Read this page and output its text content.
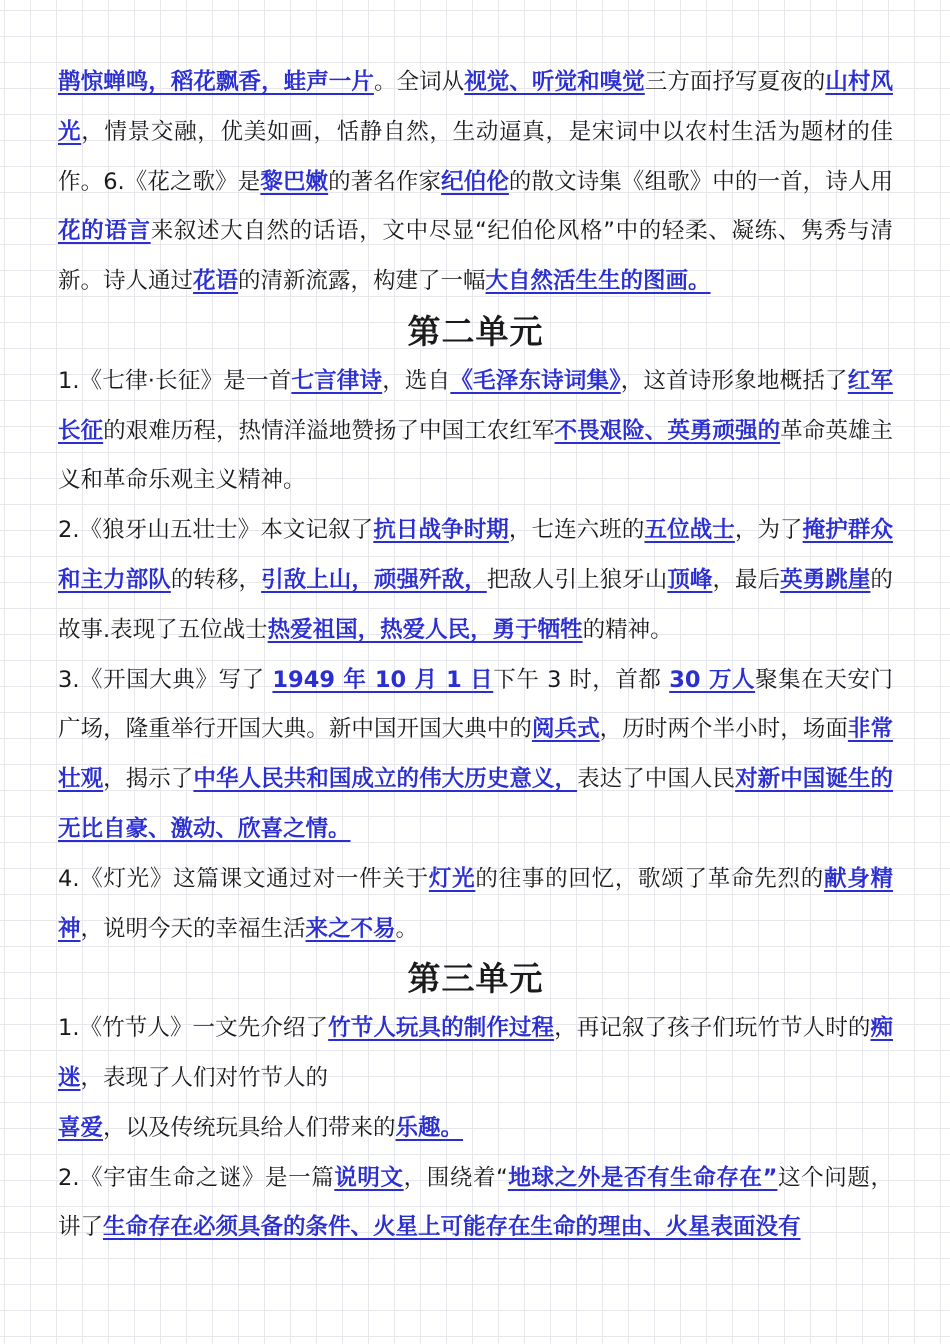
鹊惊蝉鸣，稻花飘香，蛙声一片。全词从视觉、听觉和嗅觉三方面抒写夏夜的山村风光，情景交融，优美如画，恬静自然，生动逼真，是宋词中以农村生活为题材的佳作。6.《花之歌》是黎巴嫩的著名作家纪伯伦的散文诗集《组歌》中的一首，诗人用花的语言来叙述大自然的话语，文中尽显“纪伯伦风格”中的轻柔、凝练、隽秀与清新。诗人通过花语的清新流露，构建了一幅大自然活生生的图画。

第二单元

1.《七律·长征》是一首七言律诗，选自《毛泽东诗词集》，这首诗形象地概括了红军长征的艰难历程，热情洋溢地赞扬了中国工农红军不畏艰险、英勇顽强的革命英雄主义和革命乐观主义精神。

2.《狼牙山五壮士》本文记叙了抗日战争时期，七连六班的五位战士，为了掩护群众和主力部队的转移，引敌上山，顽强歼敌，把敌人引上狼牙山顶峰，最后英勇跳崖的故事.表现了五位战士热爱祖国，热爱人民，勇于牺牲的精神。

3.《开国大典》写了 1949 年 10 月 1 日下午 3 时，首都 30 万人聚集在天安门广场，隆重举行开国大典。新中国开国大典中的阅兵式，历时两个半小时，场面非常壮观，揭示了中华人民共和国成立的伟大历史意义，表达了中国人民对新中国诞生的无比自豪、激动、欣喜之情。

4.《灯光》这篇课文通过对一件关于灯光的往事的回忆，歌颂了革命先烈的献身精神，说明今天的幸福生活来之不易。

第三单元

1.《竹节人》一文先介绍了竹节人玩具的制作过程，再记叙了孩子们玩竹节人时的痴迷，表现了人们对竹节人的

喜爱，以及传统玩具给人们带来的乐趣。

2.《宇宙生命之谜》是一篇说明文，围绕着“地球之外是否有生命存在”这个问题，讲了生命存在必须具备的条件、火星上可能存在生命的理由、火星表面没有
